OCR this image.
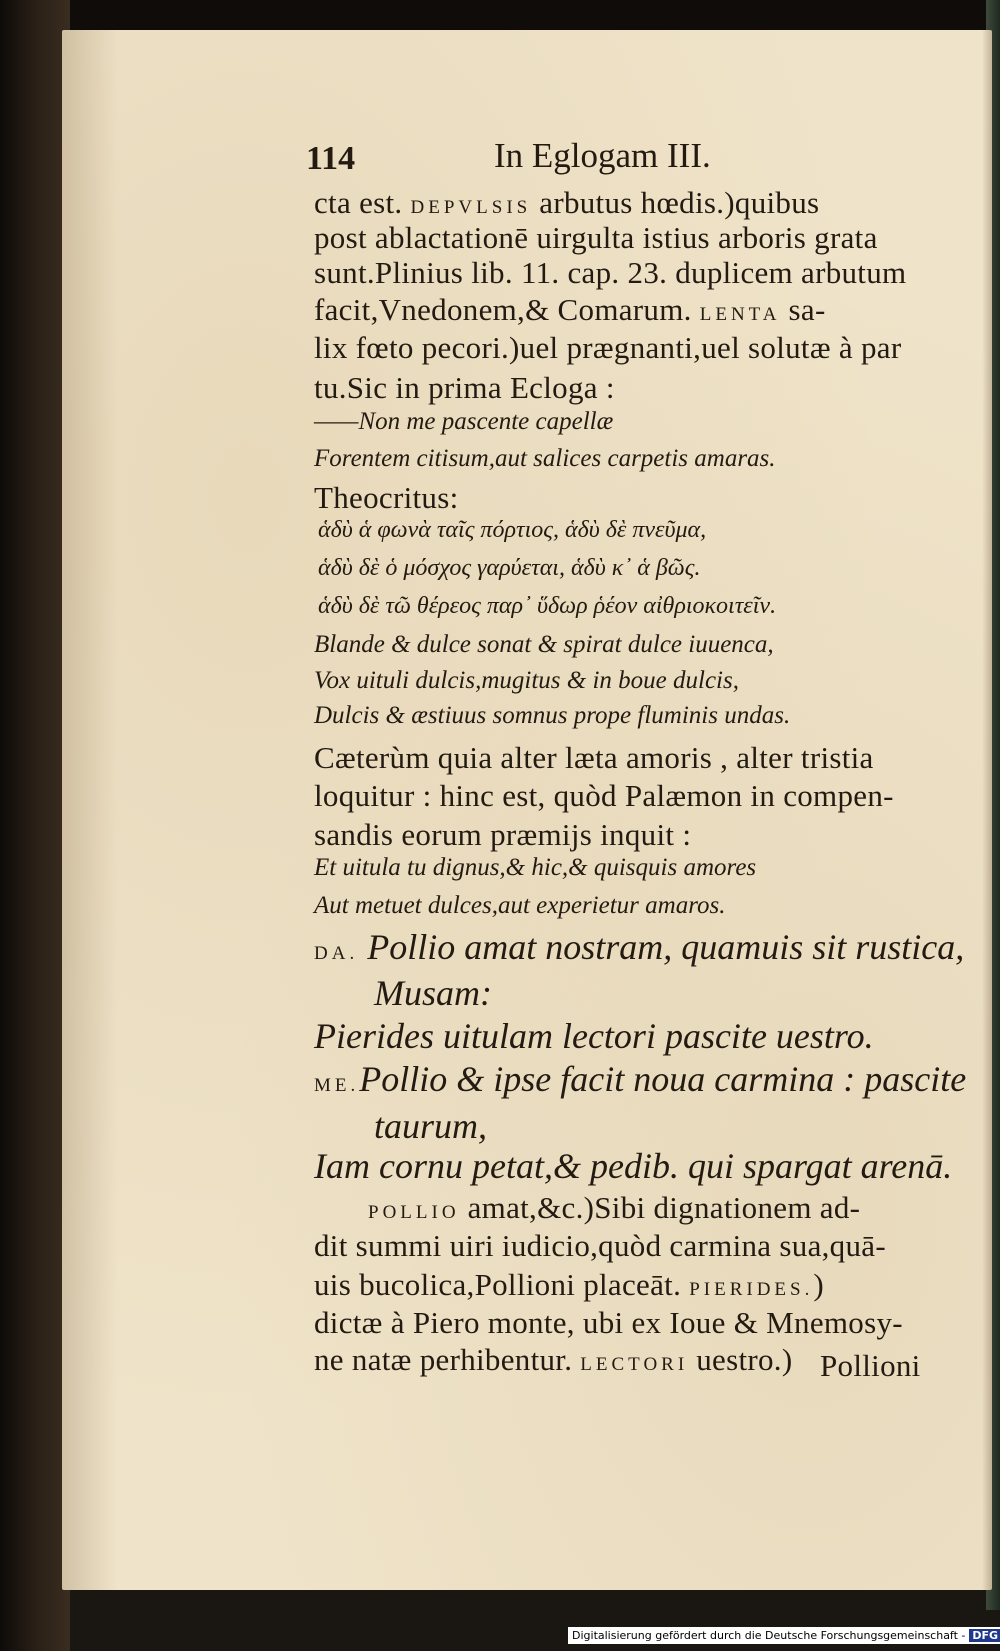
114	In Eglogam III.
cta est. DEPVLSIS arbutus hœdis.)quibus
post ablactationē uirgulta istius arboris grata
sunt.Plinius lib. 11. cap. 23. duplicem arbutum
facit,Vnedonem,& Comarum. LENTA sa-
lix fœto pecori.)uel prægnanti,uel solutæ à par
tu.Sic in prima Ecloga :
——Non me pascente capellæ
Forentem citisum,aut salices carpetis amaras.
Theocritus:
ἁδὺ ἁ φωνὰ ταῖς πόρτιος, ἁδὺ δὲ πνεῦμα,
ἁδὺ δὲ ὁ μόσχος γαρύεται, ἁδὺ κ᾽ ἁ βῶς.
ἁδὺ δὲ τῶ θέρεος παρ᾽ ὕδωρ ῥέον αἰθριοκοιτεῖν.
Blande & dulce sonat & spirat dulce iuuenca,
Vox uituli dulcis,mugitus & in boue dulcis,
Dulcis & æstiuus somnus prope fluminis undas.
Cæterùm quia alter læta amoris , alter tristia
loquitur : hinc est, quòd Palæmon in compen-
sandis eorum præmijs inquit :
Et uitula tu dignus,& hic,& quisquis amores
Aut metuet dulces,aut experietur amaros.
DA. Pollio amat nostram, quamuis sit rustica,
Musam:
Pierides uitulam lectori pascite uestro.
ME.Pollio & ipse facit noua carmina : pascite
taurum,
Iam cornu petat,& pedib. qui spargat arenā.
POLLIO amat,&c.)Sibi dignationem ad-
dit summi uiri iudicio,quòd carmina sua,quā-
uis bucolica,Pollioni placeāt. PIERIDES.)
dictæ à Piero monte, ubi ex Ioue & Mnemosy-
ne natæ perhibentur. LECTORI uestro.) Pollioni
Digitalisierung gefördert durch die Deutsche Forschungsgemeinschaft - DFG
